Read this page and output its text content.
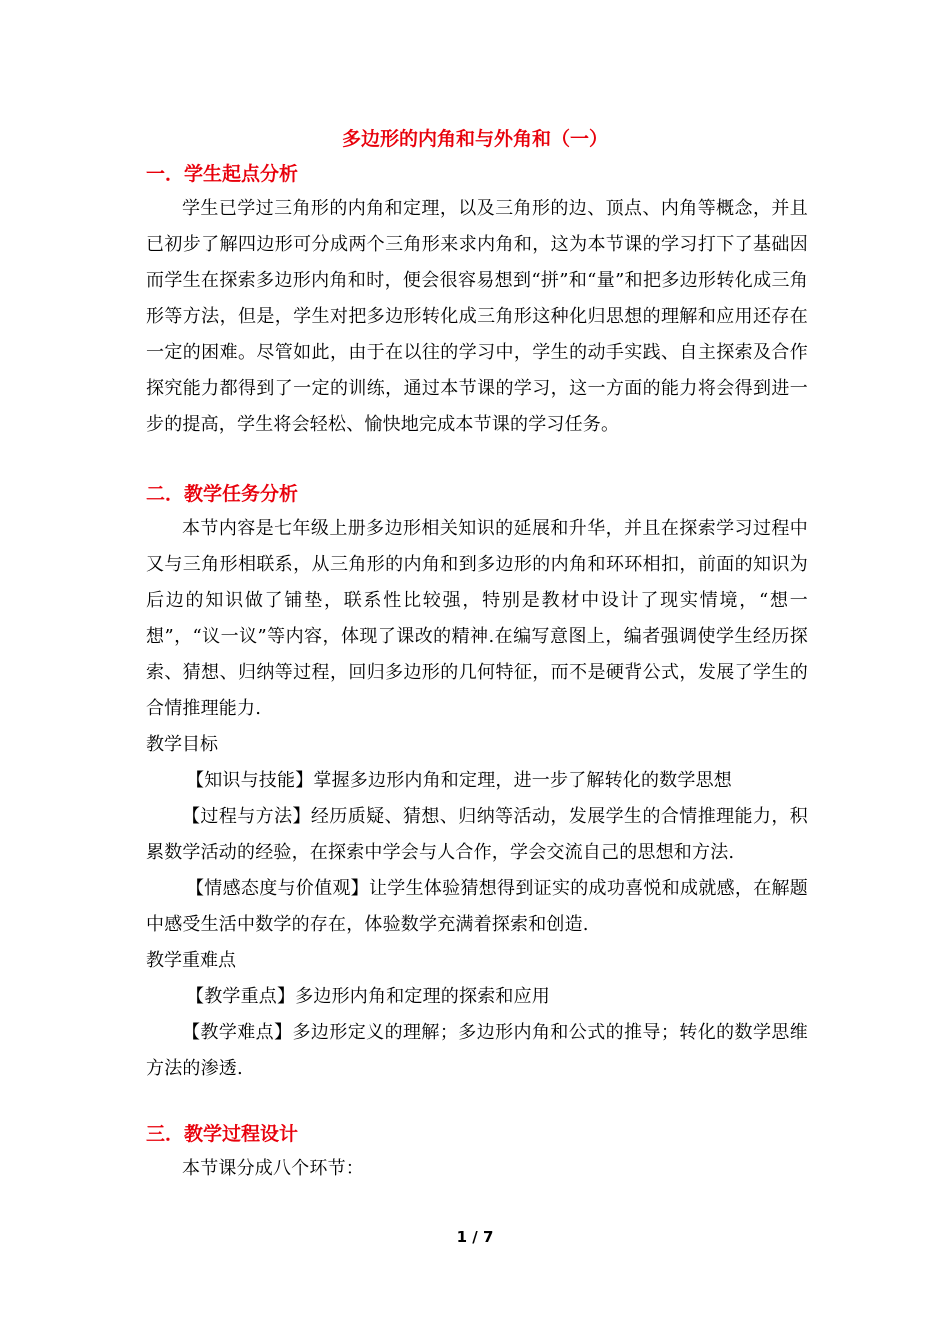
多边形的内角和与外角和（一）
一．学生起点分析

学生已学过三角形的内角和定理，以及三角形的边、顶点、内角等概念，并且已初步了解四边形可分成两个三角形来求内角和，这为本节课的学习打下了基础因而学生在探索多边形内角和时，便会很容易想到“拼”和“量”和把多边形转化成三角形等方法，但是，学生对把多边形转化成三角形这种化归思想的理解和应用还存在一定的困难。尽管如此，由于在以往的学习中，学生的动手实践、自主探索及合作探究能力都得到了一定的训练，通过本节课的学习，这一方面的能力将会得到进一步的提高，学生将会轻松、愉快地完成本节课的学习任务。

二．教学任务分析

本节内容是七年级上册多边形相关知识的延展和升华，并且在探索学习过程中又与三角形相联系，从三角形的内角和到多边形的内角和环环相扣，前面的知识为后边的知识做了铺垫，联系性比较强，特别是教材中设计了现实情境，“想一想”，“议一议”等内容，体现了课改的精神.在编写意图上，编者强调使学生经历探索、猜想、归纳等过程，回归多边形的几何特征，而不是硬背公式，发展了学生的合情推理能力.

教学目标

【知识与技能】掌握多边形内角和定理，进一步了解转化的数学思想

【过程与方法】经历质疑、猜想、归纳等活动，发展学生的合情推理能力，积累数学活动的经验，在探索中学会与人合作，学会交流自己的思想和方法.

【情感态度与价值观】让学生体验猜想得到证实的成功喜悦和成就感，在解题中感受生活中数学的存在，体验数学充满着探索和创造.

教学重难点

【教学重点】多边形内角和定理的探索和应用

【教学难点】多边形定义的理解；多边形内角和公式的推导；转化的数学思维方法的渗透.

三．教学过程设计

本节课分成八个环节：

1 / 7
